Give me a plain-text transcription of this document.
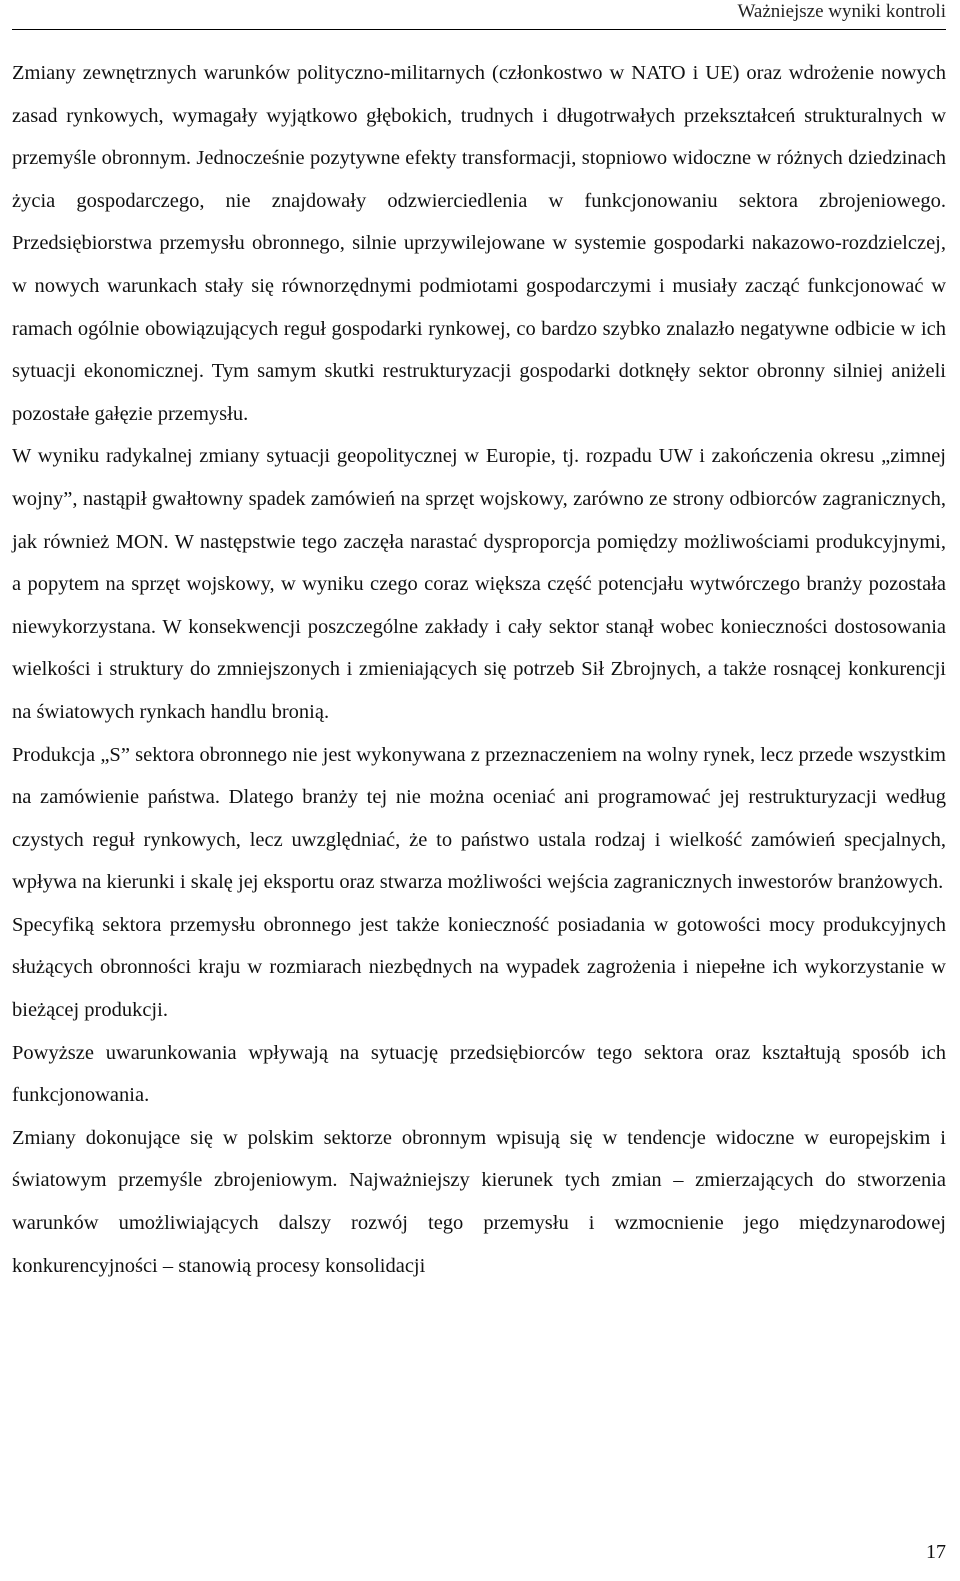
Ważniejsze wyniki kontroli

Zmiany zewnętrznych warunków polityczno-militarnych (członkostwo w NATO i UE) oraz wdrożenie nowych zasad rynkowych, wymagały wyjątkowo głębokich, trudnych i długotrwałych przekształceń strukturalnych w przemyśle obronnym. Jednocześnie pozytywne efekty transformacji, stopniowo widoczne w różnych dziedzinach życia gospodarczego, nie znajdowały odzwierciedlenia w funkcjonowaniu sektora zbrojeniowego. Przedsiębiorstwa przemysłu obronnego, silnie uprzywilejowane w systemie gospodarki nakazowo-rozdzielczej, w nowych warunkach stały się równorzędnymi podmiotami gospodarczymi i musiały zacząć funkcjonować w ramach ogólnie obowiązujących reguł gospodarki rynkowej, co bardzo szybko znalazło negatywne odbicie w ich sytuacji ekonomicznej. Tym samym skutki restrukturyzacji gospodarki dotknęły sektor obronny silniej aniżeli pozostałe gałęzie przemysłu.

W wyniku radykalnej zmiany sytuacji geopolitycznej w Europie, tj. rozpadu UW i zakończenia okresu „zimnej wojny”, nastąpił gwałtowny spadek zamówień na sprzęt wojskowy, zarówno ze strony odbiorców zagranicznych, jak również MON. W następstwie tego zaczęła narastać dysproporcja pomiędzy możliwościami produkcyjnymi, a popytem na sprzęt wojskowy, w wyniku czego coraz większa część potencjału wytwórczego branży pozostała niewykorzystana. W konsekwencji poszczególne zakłady i cały sektor stanął wobec konieczności dostosowania wielkości i struktury do zmniejszonych i zmieniających się potrzeb Sił Zbrojnych, a także rosnącej konkurencji na światowych rynkach handlu bronią.

Produkcja „S” sektora obronnego nie jest wykonywana z przeznaczeniem na wolny rynek, lecz przede wszystkim na zamówienie państwa. Dlatego branży tej nie można oceniać ani programować jej restrukturyzacji według czystych reguł rynkowych, lecz uwzględniać, że to państwo ustala rodzaj i wielkość zamówień specjalnych, wpływa na kierunki i skalę jej eksportu oraz stwarza możliwości wejścia zagranicznych inwestorów branżowych.

Specyfiką sektora przemysłu obronnego jest także konieczność posiadania w gotowości mocy produkcyjnych służących obronności kraju w rozmiarach niezbędnych na wypadek zagrożenia i niepełne ich wykorzystanie w bieżącej produkcji.

Powyższe uwarunkowania wpływają na sytuację przedsiębiorców tego sektora oraz kształtują sposób ich funkcjonowania.

Zmiany dokonujące się w polskim sektorze obronnym wpisują się w tendencje widoczne w europejskim i światowym przemyśle zbrojeniowym. Najważniejszy kierunek tych zmian – zmierzających do stworzenia warunków umożliwiających dalszy rozwój tego przemysłu i wzmocnienie jego międzynarodowej konkurencyjności – stanowią procesy konsolidacji

17
